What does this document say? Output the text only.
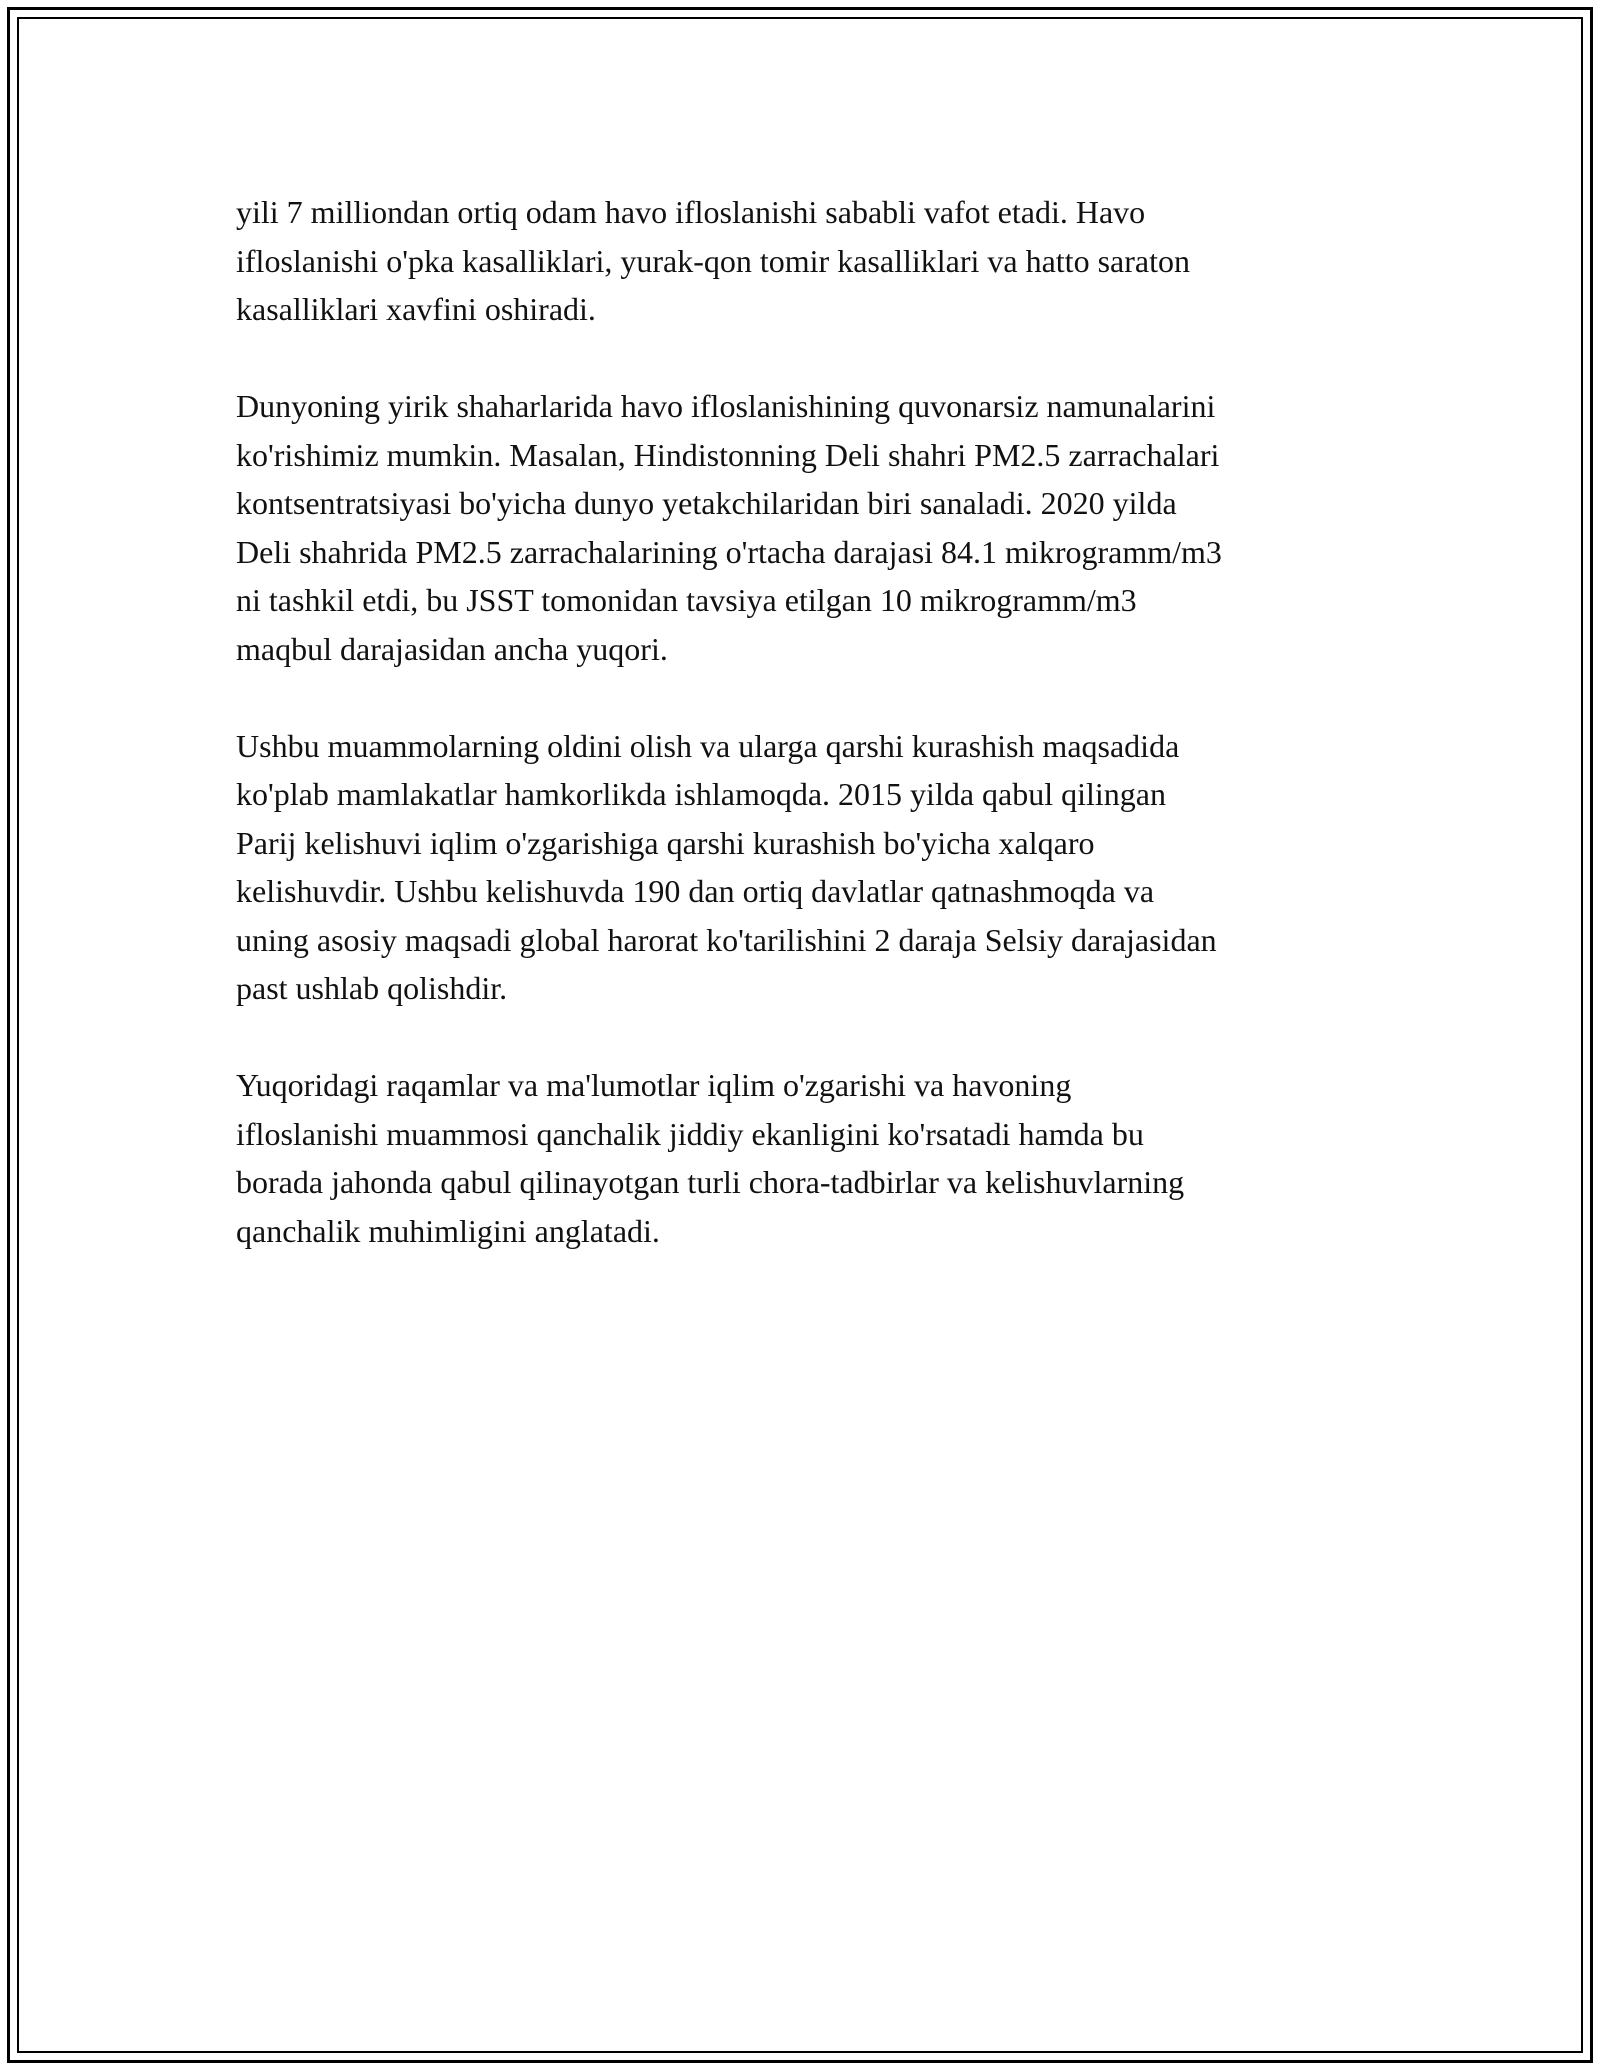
yili 7 milliondan ortiq odam havo ifloslanishi sababli vafot etadi. Havo
ifloslanishi o'pka kasalliklari, yurak-qon tomir kasalliklari va hatto saraton
kasalliklari xavfini oshiradi.

Dunyoning yirik shaharlarida havo ifloslanishining quvonarsiz namunalarini
ko'rishimiz mumkin. Masalan, Hindistonning Deli shahri PM2.5 zarrachalari
kontsentratsiyasi bo'yicha dunyo yetakchilaridan biri sanaladi. 2020 yilda
Deli shahrida PM2.5 zarrachalarining o'rtacha darajasi 84.1 mikrogramm/m3
ni tashkil etdi, bu JSST tomonidan tavsiya etilgan 10 mikrogramm/m3
maqbul darajasidan ancha yuqori.

Ushbu muammolarning oldini olish va ularga qarshi kurashish maqsadida
ko'plab mamlakatlar hamkorlikda ishlamoqda. 2015 yilda qabul qilingan
Parij kelishuvi iqlim o'zgarishiga qarshi kurashish bo'yicha xalqaro
kelishuvdir. Ushbu kelishuvda 190 dan ortiq davlatlar qatnashmoqda va
uning asosiy maqsadi global harorat ko'tarilishini 2 daraja Selsiy darajasidan
past ushlab qolishdir.

Yuqoridagi raqamlar va ma'lumotlar iqlim o'zgarishi va havoning
ifloslanishi muammosi qanchalik jiddiy ekanligini ko'rsatadi hamda bu
borada jahonda qabul qilinayotgan turli chora-tadbirlar va kelishuvlarning
qanchalik muhimligini anglatadi.
